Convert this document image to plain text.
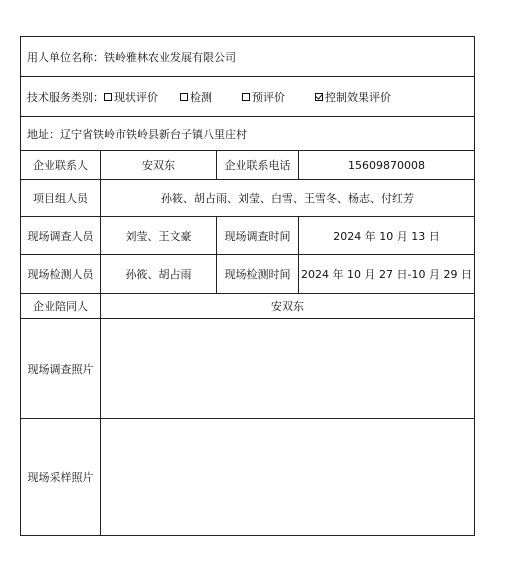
用人单位名称： 铁岭雅林农业发展有限公司
技术服务类别： 现状评价	检测	预评价	控制效果评价
地址： 辽宁省铁岭市铁岭县新台子镇八里庄村
企业联系人	安双东	企业联系电话	15609870008
项目组人员	孙筱、胡占雨、刘莹、白雪、王雪冬、杨志、付红芳
现场调查人员	刘莹、王文豪	现场调查时间	2024 年 10 月 13 日
现场检测人员	孙筱、胡占雨	现场检测时间 2024 年 10 月 27 日-10 月 29 日
企业陪同人	安双东
现场调查照片
现场采样照片
